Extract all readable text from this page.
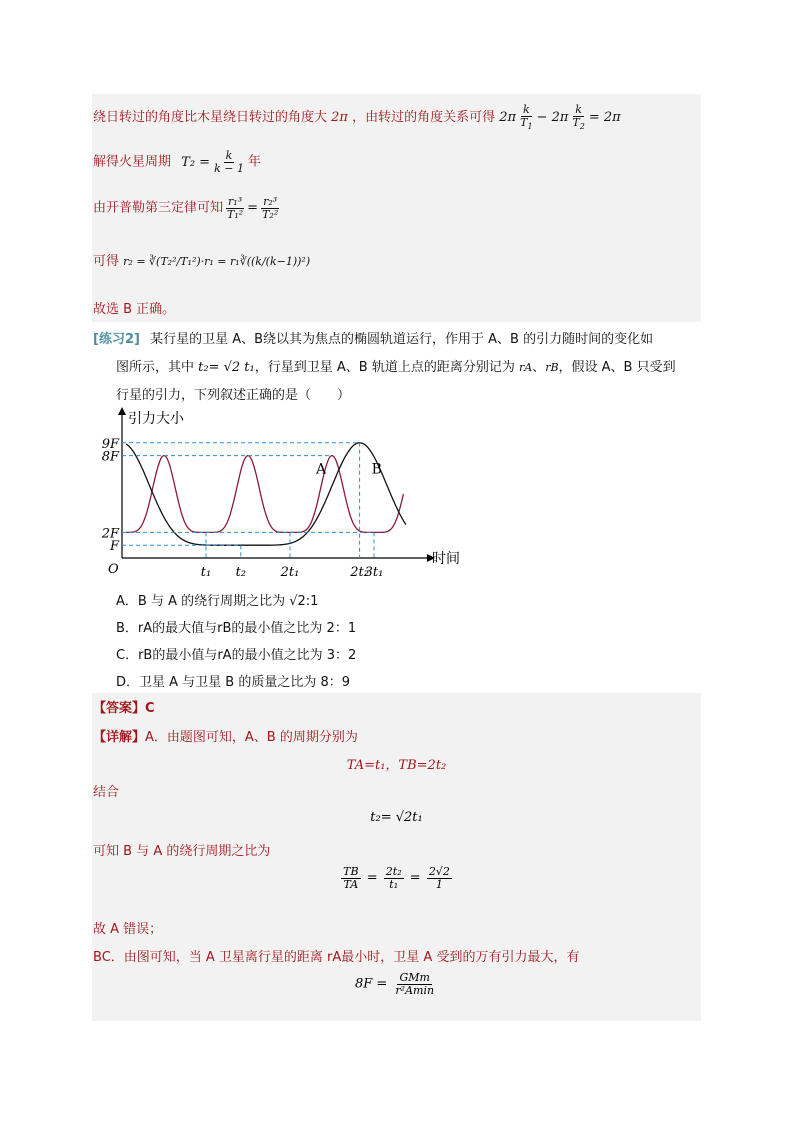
绕日转过的角度比木星绕日转过的角度大 2π ，由转过的角度关系可得 $2\pi \frac{k}{T_1} - 2\pi \frac{k}{T_2} = 2\pi$
解得火星周期 $T_2 = \frac{k}{k - 1}$ 年
由开普勒第三定律可知 $\frac{\text{r₁³}}{\text{T₁²}} = \frac{\text{r₂³}}{\text{T₂²}}$
可得 r₂ = ∛(T₂²/T₁²)·r₁ = r₁∛((k/(k−1))²)
故选 B 正确。
[练习2] 某行星的卫星 A、B绕以其为焦点的椭圆轨道运行，作用于 A、B 的引力随时间的变化如
图所示，其中 t₂= √2 t₁，行星到卫星 A、B 轨道上点的距离分别记为 rA、rB，假设 A、B 只受到
行星的引力，下列叙述正确的是（　　）
引力大小
时间
O
9F
8F
2F
F
t₁ t₂	2t₁	2t₂
3t₁
A	B
A．B 与 A 的绕行周期之比为 √2:1
B．rA的最大值与rB的最小值之比为 2：1
C．rB的最小值与rA的最小值之比为 3：2
D．卫星 A 与卫星 B 的质量之比为 8：9
【答案】C
【详解】A．由题图可知，A、B 的周期分别为
TA=t₁，TB=2t₂
结合
t₂= √2t₁
可知 B 与 A 的绕行周期之比为
$\frac{TB}{TA} = \frac{\text{2t₂}}{\text{t₁}} = \frac{2√2}{1}$
故 A 错误；
BC．由图可知，当 A 卫星离行星的距离 rA最小时，卫星 A 受到的万有引力最大，有
$8F = \frac{\text{GMm}}{\text{r²Amin}}$
